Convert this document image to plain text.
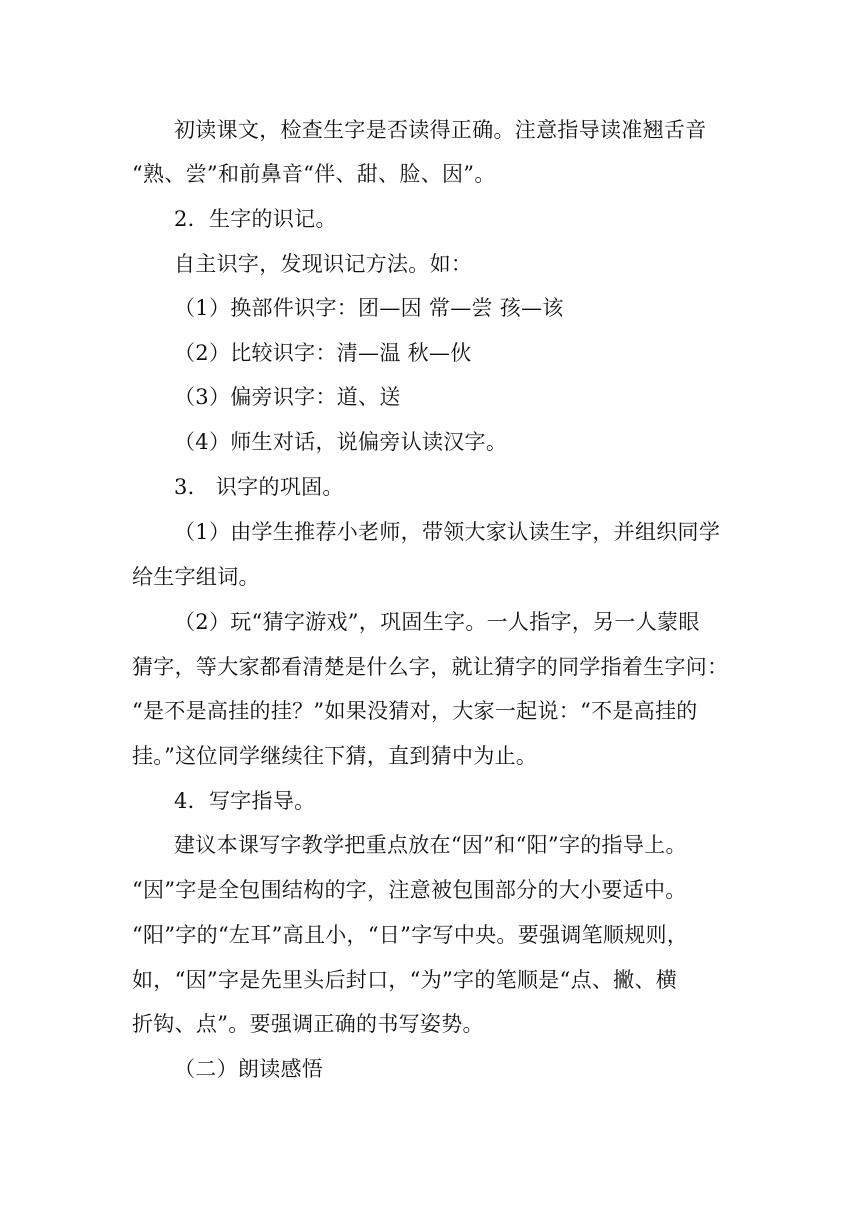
初读课文，检查生字是否读得正确。注意指导读准翘舌音
“熟、尝”和前鼻音“伴、甜、脸、因”。
2．生字的识记。
自主识字，发现识记方法。如：
（1）换部件识字：团—因 常—尝 孩—该
（2）比较识字：清—温 秋—伙
（3）偏旁识字：道、送
（4）师生对话，说偏旁认读汉字。
3． 识字的巩固。
（1）由学生推荐小老师，带领大家认读生字，并组织同学
给生字组词。
（2）玩“猜字游戏”，巩固生字。一人指字，另一人蒙眼
猜字，等大家都看清楚是什么字，就让猜字的同学指着生字问：
“是不是高挂的挂？”如果没猜对，大家一起说：“不是高挂的
挂。”这位同学继续往下猜，直到猜中为止。
4．写字指导。
建议本课写字教学把重点放在“因”和“阳”字的指导上。
“因”字是全包围结构的字，注意被包围部分的大小要适中。
“阳”字的“左耳”高且小，“日”字写中央。要强调笔顺规则，
如，“因”字是先里头后封口，“为”字的笔顺是“点、撇、横
折钩、点”。要强调正确的书写姿势。
（二）朗读感悟
